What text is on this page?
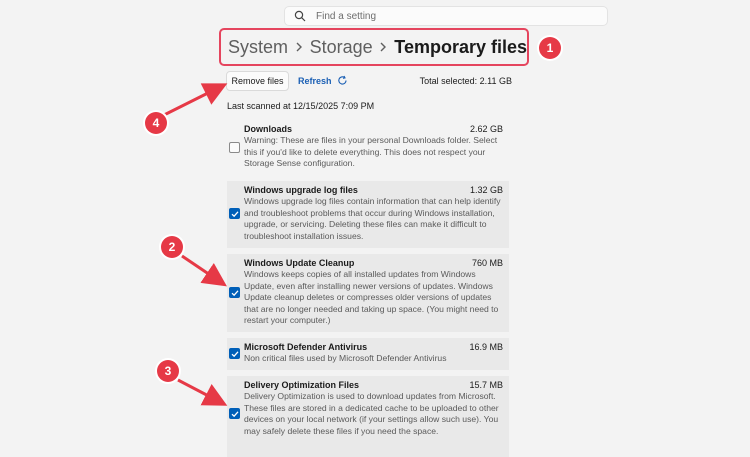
Find a setting
System Storage Temporary files
Remove files	Refresh	Total selected: 2.11 GB
Last scanned at 12/15/2025 7:09 PM
Downloads	2.62 GB
Warning: These are files in your personal Downloads folder. Select this if you'd like to delete everything. This does not respect your Storage Sense configuration.
Windows upgrade log files	1.32 GB
Windows upgrade log files contain information that can help identify and troubleshoot problems that occur during Windows installation, upgrade, or servicing. Deleting these files can make it difficult to troubleshoot installation issues.
Windows Update Cleanup	760 MB
Windows keeps copies of all installed updates from Windows Update, even after installing newer versions of updates. Windows Update cleanup deletes or compresses older versions of updates that are no longer needed and taking up space. (You might need to restart your computer.)
Microsoft Defender Antivirus	16.9 MB
Non critical files used by Microsoft Defender Antivirus
Delivery Optimization Files	15.7 MB
Delivery Optimization is used to download updates from Microsoft. These files are stored in a dedicated cache to be uploaded to other devices on your local network (if your settings allow such use). You may safely delete these files if you need the space.
1
2
3
4
